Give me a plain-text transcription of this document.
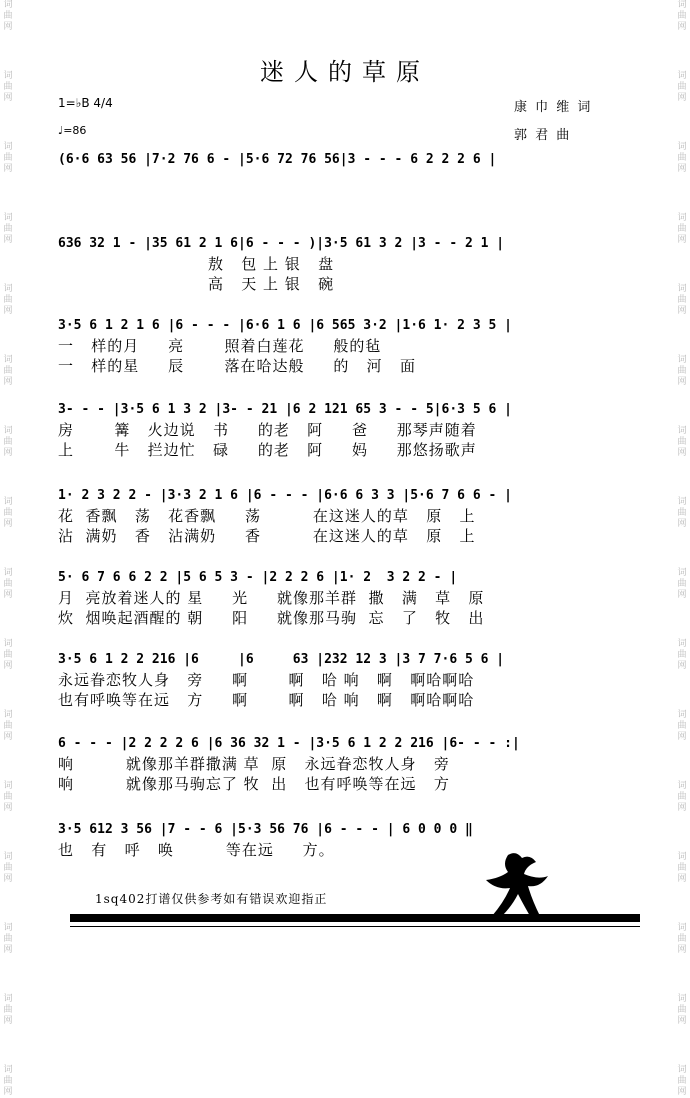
词
曲
网
词
曲
网
词
曲
网
词
曲
网
词
曲
网
词
曲
网
词
曲
网
词
曲
网
词
曲
网
词
曲
网
词
曲
网
词
曲
网
词
曲
网
词
曲
网
词
曲
网
词
曲
网
词
曲
网
词
曲
网
词
曲
网
词
曲
网
词
曲
网
词
曲
网
词
曲
网
词
曲
网
词
曲
网
词
曲
网
词
曲
网
词
曲
网
词
曲
网
词
曲
网
词
曲
网
词
曲
网
迷人的草原
1=♭B 4/4
♩=86
康 巾 维 词
郭 君 曲
(6·6 63 56 |7·2 76 6 - |5·6 72 76 56|3 - - - 6 2 2 2 6 |
636 32 1 - |35 61 2 1 6|6 - - - )|3·5 61 3 2 |3 - - 2 1 |
敖   包 上 银   盘
高   天 上 银   碗
3·5 6 1 2 1 6 |6 - - - |6·6 1 6 |6 565 3·2 |1·6 1· 2 3 5 |
一   样的月     亮       照着白莲花     般的毡
一   样的星     辰       落在哈达般     的   河   面
3- - - |3·5 6 1 3 2 |3- - 21 |6 2 121 65 3 - - 5|6·3 5 6 |
房       篝   火边说   书     的老   阿     爸     那琴声随着
上       牛   拦边忙   碌     的老   阿     妈     那悠扬歌声
1· 2 3 2 2 - |3·3 2 1 6 |6 - - - |6·6 6 3 3 |5·6 7 6 6 - |
花  香飘   荡   花香飘     荡         在这迷人的草   原   上
沾  满奶   香   沾满奶     香         在这迷人的草   原   上
5· 6 7 6 6 2 2 |5 6 5 3 - |2 2 2 6 |1· 2  3 2 2 - |
月  亮放着迷人的 星     光     就像那羊群  撒   满   草   原
炊  烟唤起酒醒的 朝     阳     就像那马驹  忘   了   牧   出
3·5 6 1 2 2 216 |6     |6     63 |232 12 3 |3 7 7·6 5 6 |
永远眷恋牧人身   旁     啊       啊   哈 响   啊   啊哈啊哈
也有呼唤等在远   方     啊       啊   哈 响   啊   啊哈啊哈
6 - - - |2 2 2 2 6 |6 36 32 1 - |3·5 6 1 2 2 216 |6- - - :|
响         就像那羊群撒满 草  原   永远眷恋牧人身   旁
响         就像那马驹忘了 牧  出   也有呼唤等在远   方
3·5 612 3 56 |7 - - 6 |5·3 56 76 |6 - - - | 6 0 0 0 ‖
也   有   呼   唤         等在远     方。
1sq402打谱仅供参考如有错误欢迎指正
